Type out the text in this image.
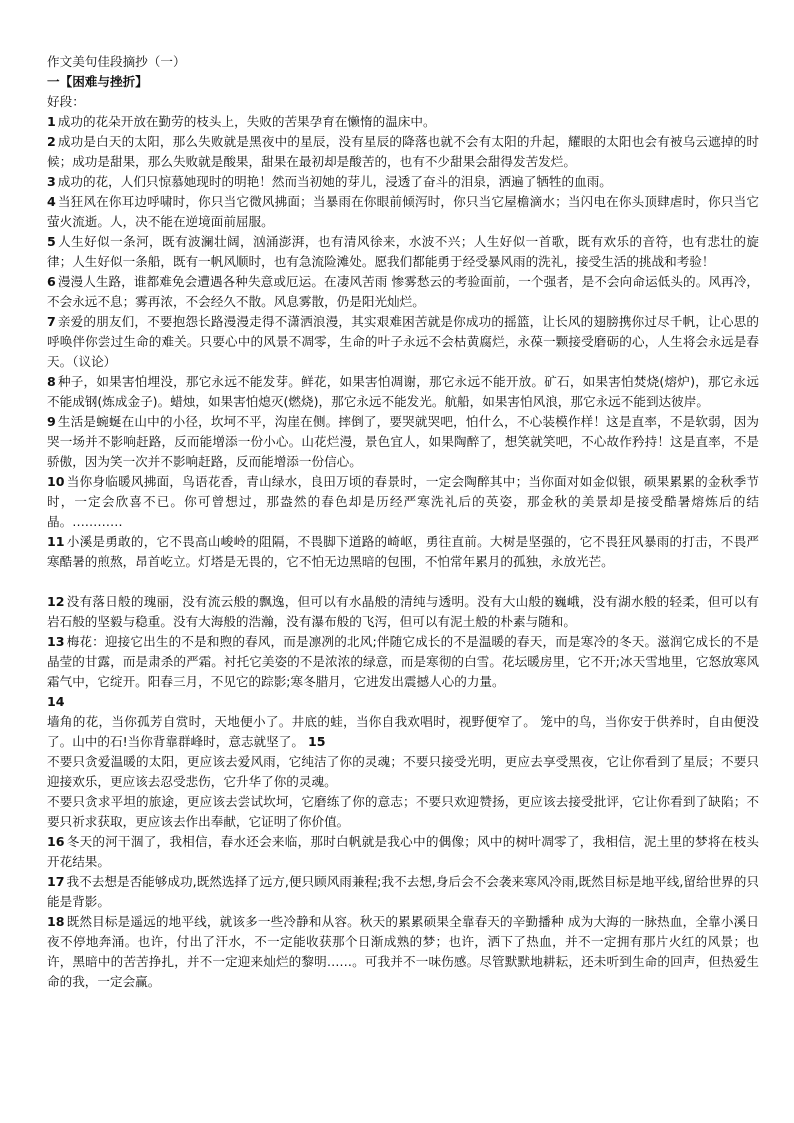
作文美句佳段摘抄（一）

一【困难与挫折】

好段：

1 成功的花朵开放在勤劳的枝头上，失败的苦果孕育在懒惰的温床中。

2 成功是白天的太阳，那么失败就是黑夜中的星辰，没有星辰的降落也就不会有太阳的升起，耀眼的太阳也会有被乌云遮掉的时候；成功是甜果，那么失败就是酸果，甜果在最初却是酸苦的，也有不少甜果会甜得发苦发烂。

3 成功的花，人们只惊慕她现时的明艳！然而当初她的芽儿，浸透了奋斗的泪泉，洒遍了牺牲的血雨。

4 当狂风在你耳边呼啸时，你只当它微风拂面；当暴雨在你眼前倾泻时，你只当它屋檐滴水；当闪电在你头顶肆虐时，你只当它萤火流逝。人，决不能在逆境面前屈服。

5 人生好似一条河，既有波澜壮阔，汹涌澎湃，也有清风徐来，水波不兴；人生好似一首歌，既有欢乐的音符，也有悲壮的旋律；人生好似一条船，既有一帆风顺时，也有急流险滩处。愿我们都能勇于经受暴风雨的洗礼，接受生活的挑战和考验！

6 漫漫人生路，谁都难免会遭遇各种失意或厄运。在凄风苦雨 惨雾愁云的考验面前，一个强者，是不会向命运低头的。风再冷，不会永远不息；雾再浓，不会经久不散。风息雾散，仍是阳光灿烂。

7 亲爱的朋友们，不要抱怨长路漫漫走得不潇洒浪漫，其实艰难困苦就是你成功的摇篮，让长风的翅膀携你过尽千帆，让心思的呼唤伴你尝过生命的难关。只要心中的风景不凋零，生命的叶子永远不会枯黄腐烂，永葆一颗接受磨砺的心，人生将会永远是春天。（议论）

8 种子，如果害怕埋没，那它永远不能发芽。鲜花，如果害怕凋谢，那它永远不能开放。矿石，如果害怕焚烧(熔炉)，那它永远不能成钢(炼成金子)。蜡烛，如果害怕熄灭(燃烧)，那它永远不能发光。航船，如果害怕风浪，那它永远不能到达彼岸。

9 生活是蜿蜒在山中的小径，坎坷不平，沟崖在侧。摔倒了，要哭就哭吧，怕什么，不心装模作样！这是直率，不是软弱，因为哭一场并不影响赶路，反而能增添一份小心。山花烂漫，景色宜人，如果陶醉了，想笑就笑吧，不心故作矜持！这是直率，不是骄傲，因为笑一次并不影响赶路，反而能增添一份信心。

10 当你身临暖风拂面，鸟语花香，青山绿水，良田万顷的春景时，一定会陶醉其中；当你面对如金似银，硕果累累的金秋季节时，一定会欣喜不已。你可曾想过，那盎然的春色却是历经严寒洗礼后的英姿，那金秋的美景却是接受酷暑熔炼后的结晶。…………

11 小溪是勇敢的，它不畏高山峻岭的阻隔，不畏脚下道路的崎岖，勇往直前。大树是坚强的，它不畏狂风暴雨的打击，不畏严寒酷暑的煎熬，昂首屹立。灯塔是无畏的，它不怕无边黑暗的包围，不怕常年累月的孤独，永放光芒。

12 没有落日般的瑰丽，没有流云般的飘逸，但可以有水晶般的清纯与透明。没有大山般的巍峨，没有湖水般的轻柔，但可以有岩石般的坚毅与稳重。没有大海般的浩瀚，没有瀑布般的飞泻，但可以有泥土般的朴素与随和。

13 梅花：迎接它出生的不是和煦的春风，而是凛冽的北风;伴随它成长的不是温暖的春天，而是寒冷的冬天。滋润它成长的不是晶莹的甘露，而是肃杀的严霜。衬托它美姿的不是浓浓的绿意，而是寒彻的白雪。花坛暖房里，它不开;冰天雪地里，它怒放寒风霜气中，它绽开。阳春三月，不见它的踪影;寒冬腊月，它进发出震撼人心的力量。

14

墙角的花，当你孤芳自赏时，天地便小了。井底的蛙，当你自我欢唱时，视野便窄了。 笼中的鸟，当你安于供养时，自由便没了。山中的石!当你背靠群峰时，意志就坚了。 15

不要只贪爱温暖的太阳，更应该去爱风雨，它纯洁了你的灵魂；不要只接受光明，更应去享受黑夜，它让你看到了星辰；不要只迎接欢乐，更应该去忍受悲伤，它升华了你的灵魂。

不要只贪求平坦的旅途，更应该去尝试坎坷，它磨练了你的意志；不要只欢迎赞扬，更应该去接受批评，它让你看到了缺陷；不要只祈求获取，更应该去作出奉献，它证明了你价值。

16 冬天的河干涸了，我相信，春水还会来临，那时白帆就是我心中的偶像；风中的树叶凋零了，我相信，泥土里的梦将在枝头开花结果。

17 我不去想是否能够成功,既然选择了远方,便只顾风雨兼程;我不去想,身后会不会袭来寒风冷雨,既然目标是地平线,留给世界的只能是背影。

18 既然目标是遥远的地平线，就该多一些冷静和从容。秋天的累累硕果全靠春天的辛勤播种 成为大海的一脉热血，全靠小溪日夜不停地奔涌。也许，付出了汗水，不一定能收获那个日渐成熟的梦；也许，洒下了热血，并不一定拥有那片火红的风景；也许，黑暗中的苦苦挣扎，并不一定迎来灿烂的黎明……。可我并不一味伤感。尽管默默地耕耘，还未听到生命的回声，但热爱生命的我，一定会赢。
